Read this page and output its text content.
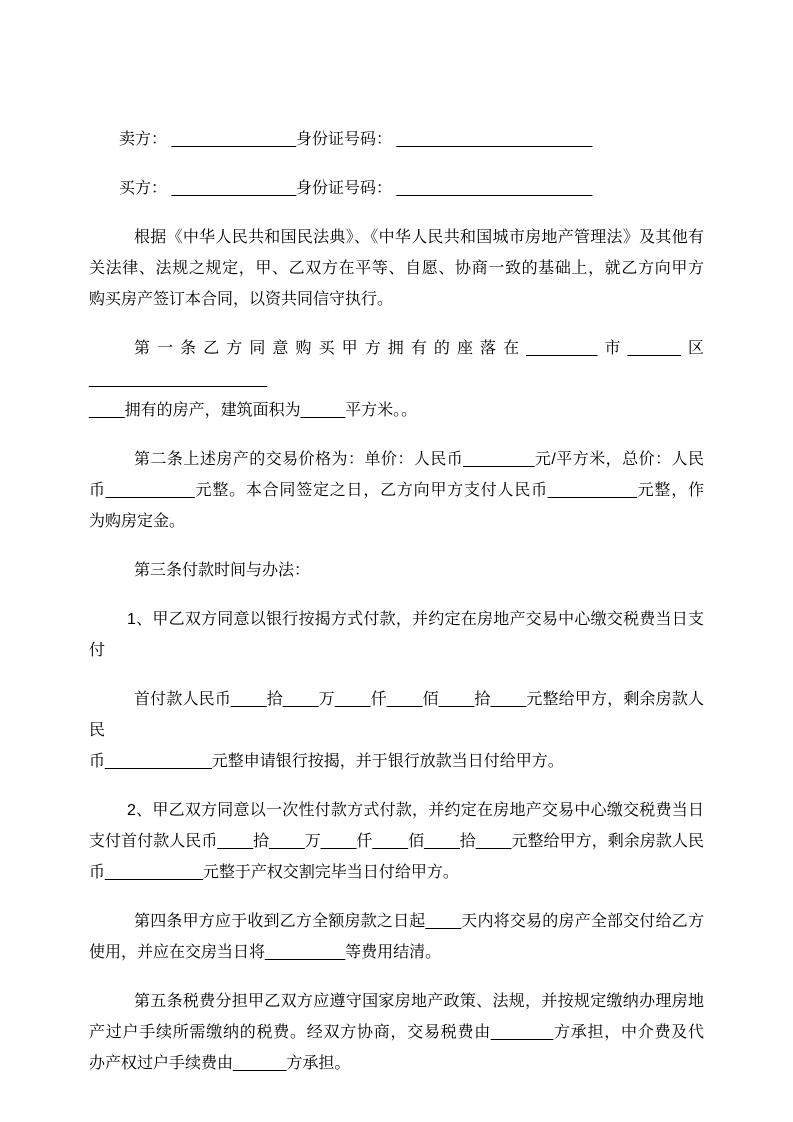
卖方： ______________身份证号码： ______________________
买方： ______________身份证号码： ______________________
根据《中华人民共和国民法典》、《中华人民共和国城市房地产管理法》及其他有
关法律、法规之规定，甲、乙双方在平等、自愿、协商一致的基础上，就乙方向甲方
购买房产签订本合同，以资共同信守执行。
第一条乙方同意购买甲方拥有的座落在________市______区____________________
____拥有的房产，建筑面积为_____平方米。。
第二条上述房产的交易价格为：单价：人民币________元/平方米，总价：人民
币__________元整。本合同签定之日，乙方向甲方支付人民币__________元整，作
为购房定金。
第三条付款时间与办法：
1、甲乙双方同意以银行按揭方式付款，并约定在房地产交易中心缴交税费当日支
付
首付款人民币____拾____万____仟____佰____拾____元整给甲方，剩余房款人民
币____________元整申请银行按揭，并于银行放款当日付给甲方。
2、甲乙双方同意以一次性付款方式付款，并约定在房地产交易中心缴交税费当日
支付首付款人民币____拾____万____仟____佰____拾____元整给甲方，剩余房款人民
币___________元整于产权交割完毕当日付给甲方。
第四条甲方应于收到乙方全额房款之日起____天内将交易的房产全部交付给乙方
使用，并应在交房当日将_________等费用结清。
第五条税费分担甲乙双方应遵守国家房地产政策、法规，并按规定缴纳办理房地
产过户手续所需缴纳的税费。经双方协商，交易税费由_______方承担，中介费及代
办产权过户手续费由______方承担。
